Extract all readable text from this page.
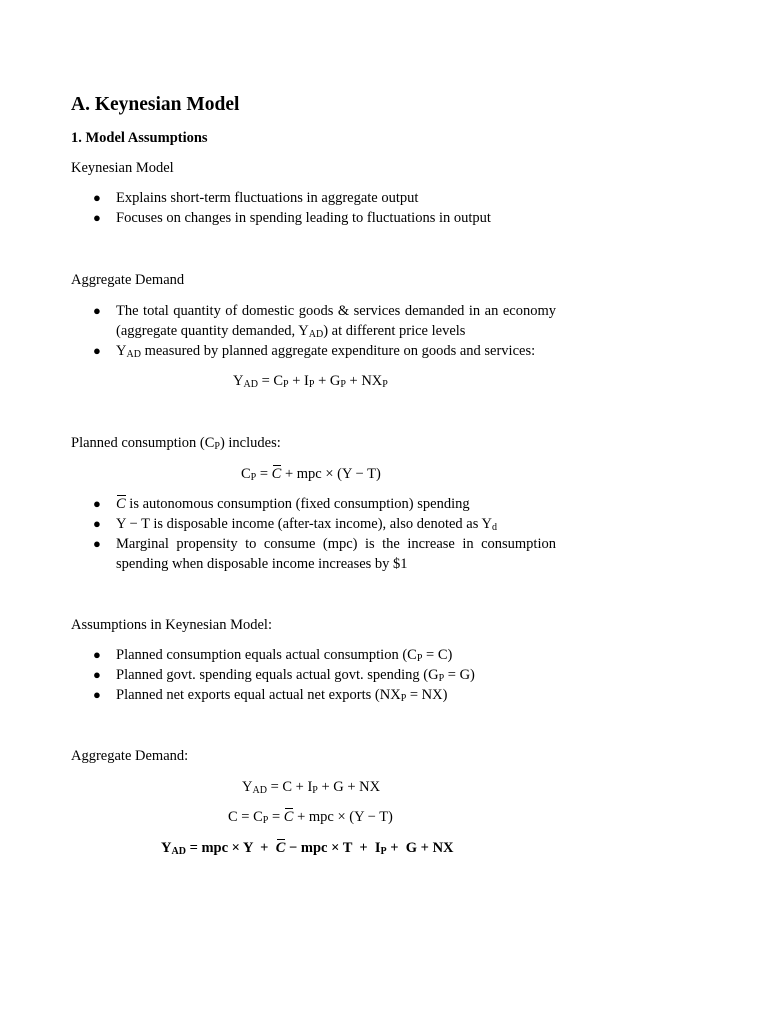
A. Keynesian Model
1. Model Assumptions
Keynesian Model
● Explains short-term fluctuations in aggregate output
● Focuses on changes in spending leading to fluctuations in output
Aggregate Demand
● The total quantity of domestic goods & services demanded in an economy (aggregate quantity demanded, $Y_{AD}$) at different price levels
● $Y_{AD}$ measured by planned aggregate expenditure on goods and services:
$Y_{AD} = C_P + I_P + G_P + NX_P$
Planned consumption $(C_P)$ includes:
$C_P = C$ + mpc × (Y − T)
● C is autonomous consumption (fixed consumption) spending
● Y − T is disposable income (after-tax income), also denoted as $Y_d$
● Marginal propensity to consume (mpc) is the increase in consumption spending when disposable income increases by $1
Assumptions in Keynesian Model:
● Planned consumption equals actual consumption $(C_P = C)$
● Planned govt. spending equals actual govt. spending $(G_P = G)$
● Planned net exports equal actual net exports $(NX_P = NX)$
Aggregate Demand:
$Y_{AD} = C + I_P + G$ + NX
$C = C_P = C$ + mpc × (Y − T)
$Y_{AD}$ = mpc × Y  +  C − mpc × $T + I_P + G$ + NX
